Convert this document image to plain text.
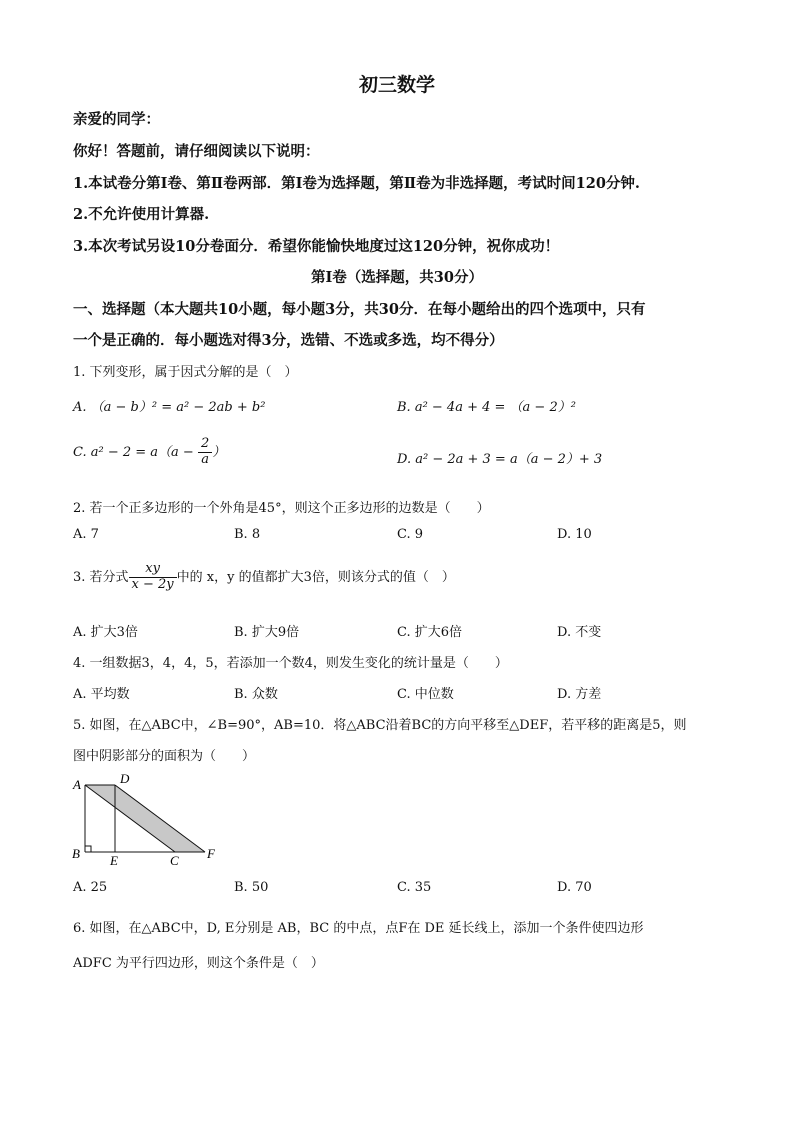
初三数学
亲爱的同学：
你好！答题前，请仔细阅读以下说明：
1.本试卷分第Ⅰ卷、第Ⅱ卷两部．第Ⅰ卷为选择题，第Ⅱ卷为非选择题，考试时间120分钟.
2.不允许使用计算器.
3.本次考试另设10分卷面分．希望你能愉快地度过这120分钟，祝你成功！
第Ⅰ卷（选择题，共30分）
一、选择题（本大题共10小题，每小题3分，共30分．在每小题给出的四个选项中，只有
一个是正确的．每小题选对得3分，选错、不选或多选，均不得分）
1. 下列变形，属于因式分解的是（　）
A. （a − b）² = a² − 2ab + b²	B. a² − 4a + 4 = （a − 2）²
C. $a^2 - 2 = a(a - \frac{2}{a}$ ）	D. a² − 2a + 3 = a（a − 2）+ 3
2. 若一个正多边形的一个外角是45°，则这个正多边形的边数是（　　）
A. 7	B. 8	C. 9	D. 10
3. 若分式 $\frac{xy}{x - 2y}$ 中的 x，y 的值都扩大3倍，则该分式的值（　）
A. 扩大3倍	B. 扩大9倍	C. 扩大6倍	D. 不变
4. 一组数据3，4，4，5，若添加一个数4，则发生变化的统计量是（　　）
A. 平均数	B. 众数	C. 中位数	D. 方差
5. 如图，在△ABC中，∠B=90°，AB=10．将△ABC沿着BC的方向平移至△DEF，若平移的距离是5，则
图中阴影部分的面积为（　　）
A	D
B E	C F
A. 25	B. 50	C. 35	D. 70
6. 如图，在△ABC中，D, E分别是 AB，BC 的中点，点F在 DE 延长线上，添加一个条件使四边形
ADFC 为平行四边形，则这个条件是（　）
